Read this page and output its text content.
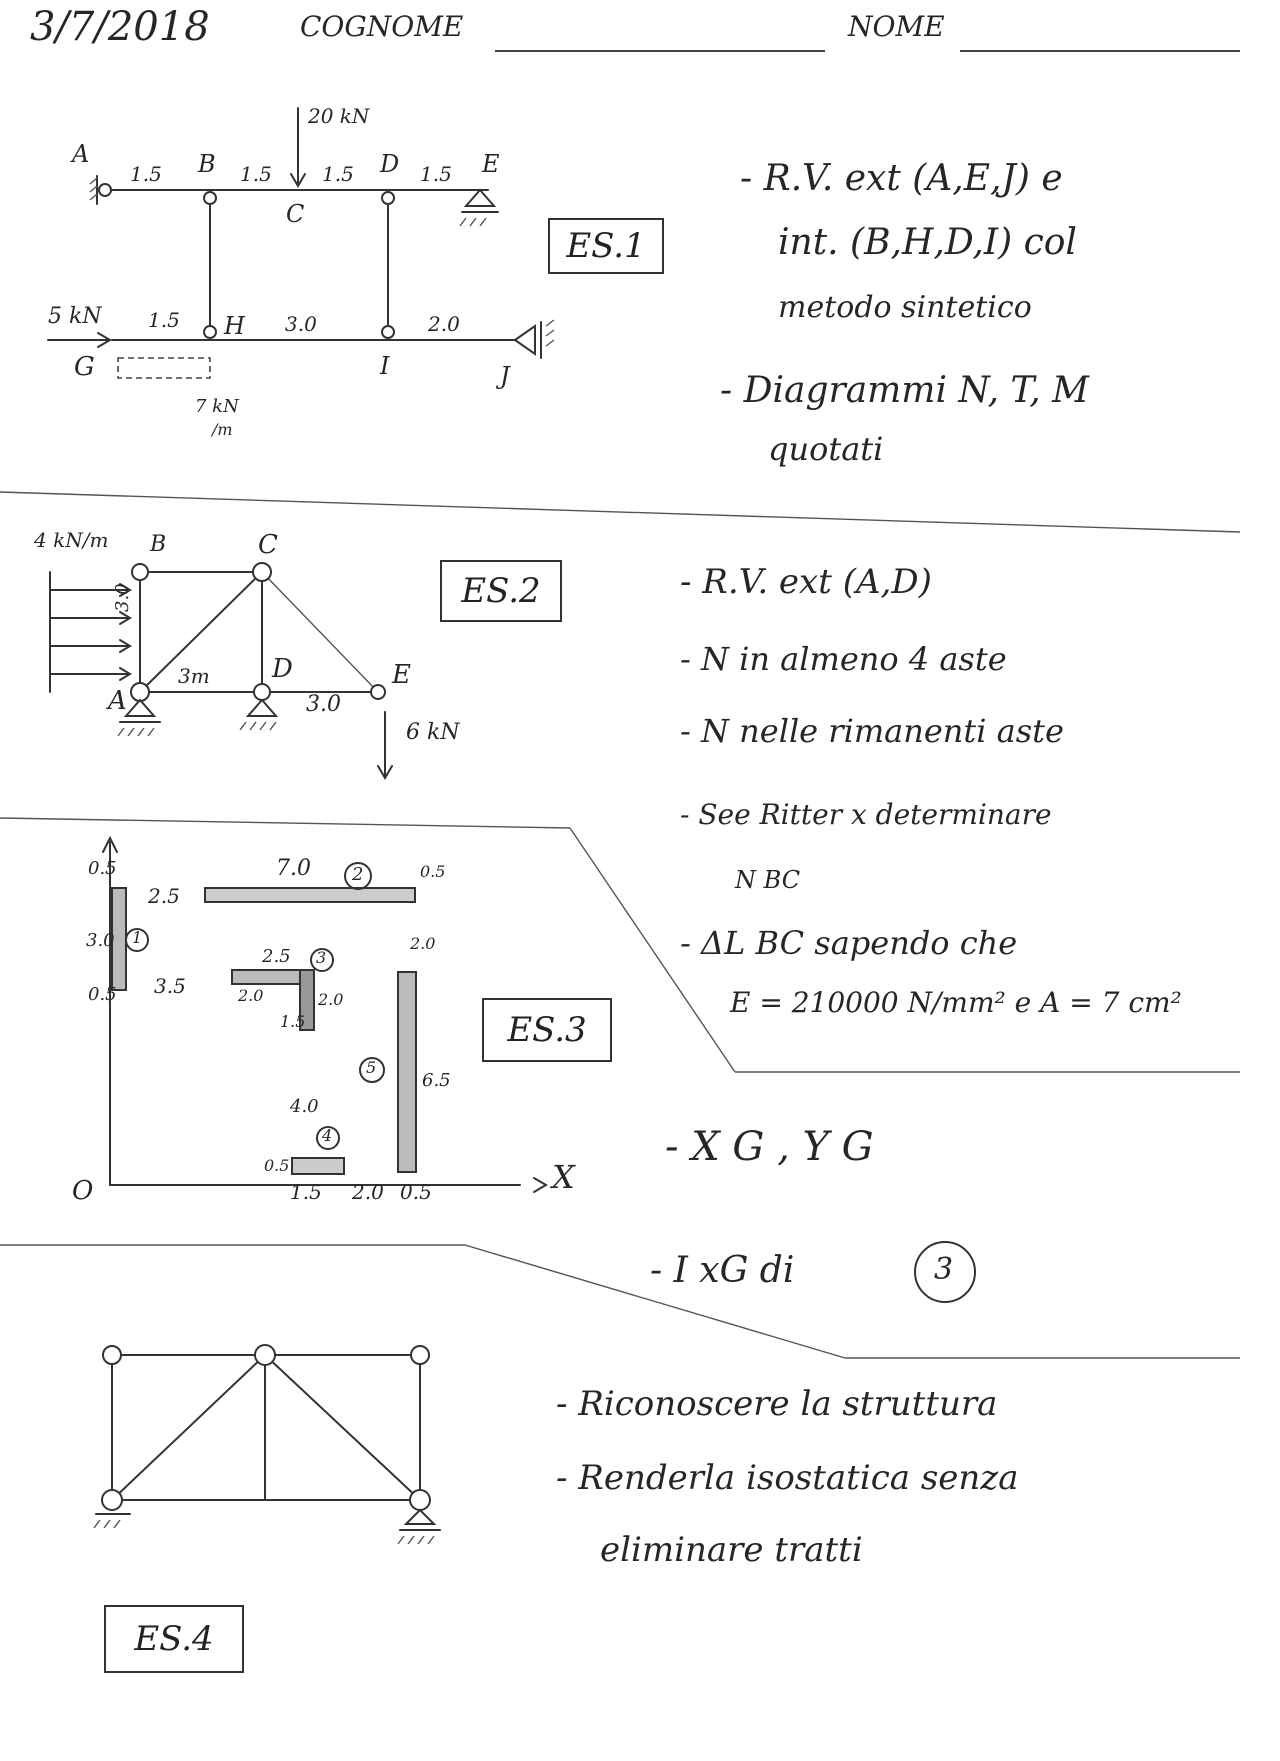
3/7/2018	COGNOME	NOME
A	B
C
D	E
G
H
I	J
1.5	1.5	1.5	1.5
1.5	3.0	2.0
20 kN
5 kN
7 kN
/m
ES.1
- R.V. ext (A,E,J) e
int. (B,H,D,I) col
metodo sintetico
- Diagrammi N, T, M
quotati
4 kN/m B	C
A
D	E
3.0
3m
3.0
6 kN
ES.2	- R.V. ext (A,D)
- N in almeno 4 aste
- N nelle rimanenti aste
- See Ritter x determinare
N BC
- ΔL BC sapendo che
E = 210000 N/mm² e A = 7 cm²
O	X
1
2
3
4
5
0.5
3.0
0.5
2.5
3.5
7.0	0.5
2.5
2.0
1.5
2.0
2.0
6.5
4.0
0.5
1.5 2.0 0.5
ES.3
- X G , Y G
- I xG di	3
ES.4
- Riconoscere la struttura
- Renderla isostatica senza
eliminare tratti
